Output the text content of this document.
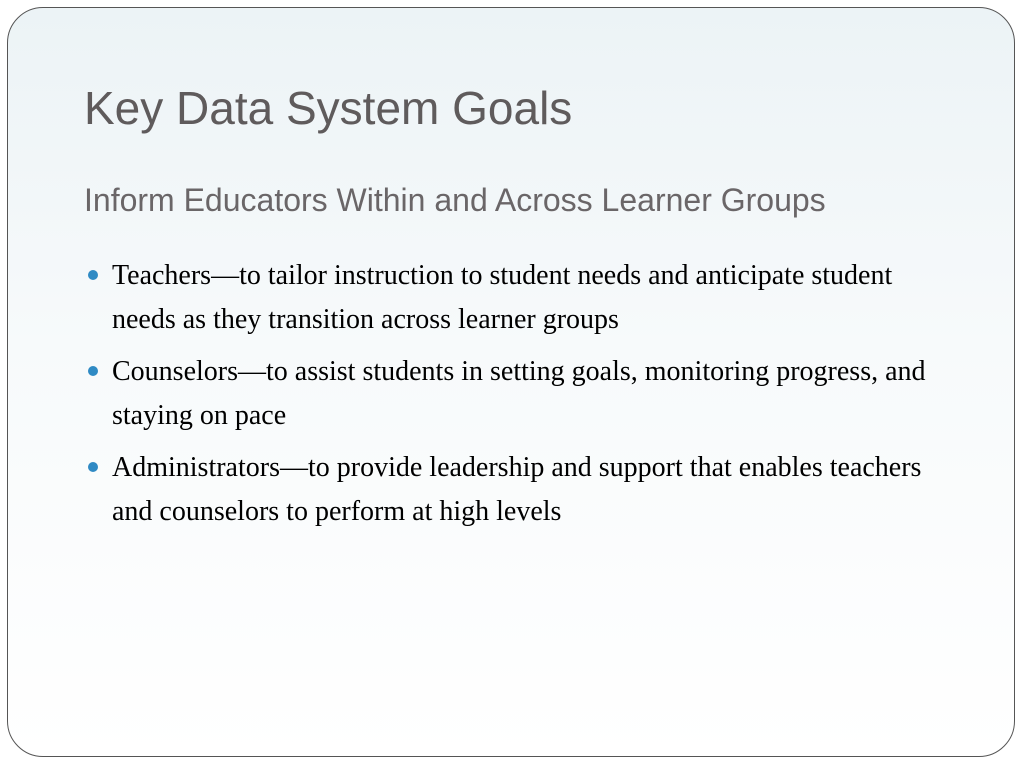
Key Data System Goals
Inform Educators Within and Across Learner Groups
Teachers—to tailor instruction to student needs and anticipate student needs as they transition across learner groups
Counselors—to assist students in setting goals, monitoring progress, and staying on pace
Administrators—to provide leadership and support that enables teachers and counselors to perform at high levels
